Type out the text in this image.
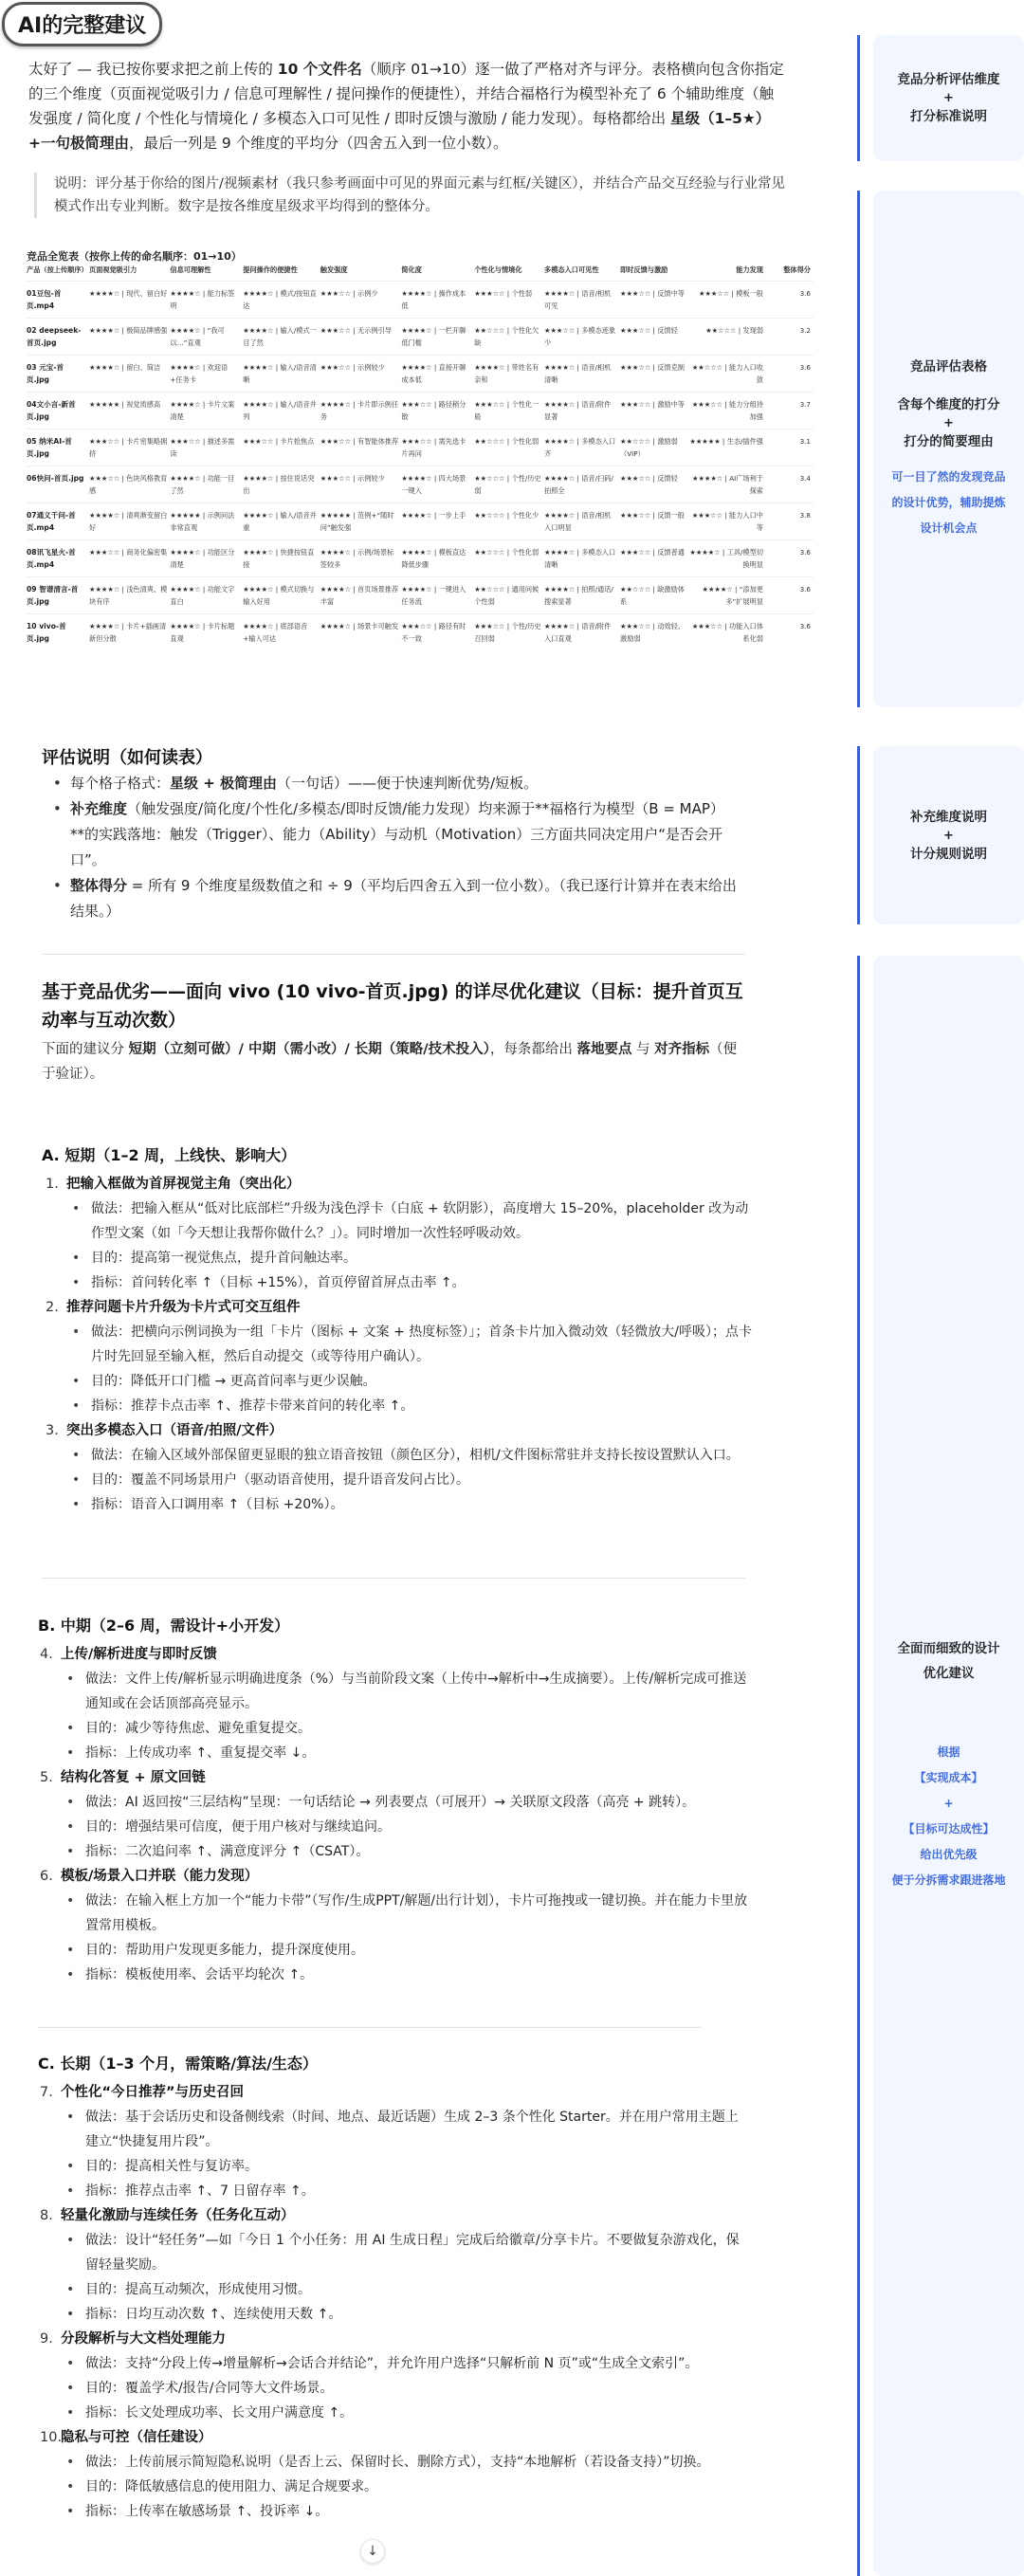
AI的完整建议

太好了 — 我已按你要求把之前上传的 10 个文件名（顺序 01→10）逐一做了严格对齐与评分。表格横向包含你指定的三个维度（页面视觉吸引力 / 信息可理解性 / 提问操作的便捷性），并结合福格行为模型补充了 6 个辅助维度（触发强度 / 简化度 / 个性化与情境化 / 多模态入口可见性 / 即时反馈与激励 / 能力发现）。每格都给出 星级（1–5★）+一句极简理由，最后一列是 9 个维度的平均分（四舍五入到一位小数）。

说明：评分基于你给的图片/视频素材（我只参考画面中可见的界面元素与红框/关键区），并结合产品交互经验与行业常见模式作出专业判断。数字是按各维度星级求平均得到的整体分。
竞品全览表（按你上传的命名顺序：01→10）
产品（按上传顺序）	页面视觉吸引力	信息可理解性	提问操作的便捷性	触发强度	简化度	个性化与情境化	多模态入口可见性	即时反馈与激励	能力发现	整体得分
01豆包-首页.mp4	★★★★☆ | 现代、留白好	★★★★☆ | 能力标签明	★★★★☆ | 模式/按钮直达	★★★☆☆ | 示例少	★★★★☆ | 操作成本低	★★★☆☆ | 个性弱	★★★★☆ | 语音/相机可见	★★★☆☆ | 反馈中等	★★★☆☆ | 模板一般	3.6
02 deepseek-首页.jpg	★★★★☆ | 极简品牌感强	★★★★☆ | “我可以…”直观	★★★★☆ | 输入/模式一目了然	★★★☆☆ | 无示例引导	★★★★☆ | 一栏开聊低门槛	★★☆☆☆ | 个性化欠缺	★★★☆☆ | 多模态迹象少	★★★☆☆ | 反馈轻	★★☆☆☆ | 发现弱	3.2
03 元宝-首页.jpg	★★★★☆ | 留白、简洁	★★★★☆ | 欢迎语+任务卡	★★★★☆ | 输入/语音清晰	★★★☆☆ | 示例较少	★★★★☆ | 直接开聊成本低	★★★★☆ | 带姓名有亲和	★★★★☆ | 语音/相机清晰	★★★☆☆ | 反馈克制	★★☆☆☆ | 能力入口收敛	3.6
04文小言-新首页.jpg	★★★★★ | 视觉质感高	★★★★☆ | 卡片文案清楚	★★★★☆ | 输入/语音并列	★★★★☆ | 卡片即示例任务	★★★☆☆ | 路径稍分散	★★★☆☆ | 个性化一般	★★★★☆ | 语音/附件显著	★★★☆☆ | 激励中等	★★★☆☆ | 能力分组待加强	3.7
05 纳米AI-首页.jpg	★★★☆☆ | 卡片密集略拥挤	★★★☆☆ | 描述多需读	★★★☆☆ | 卡片抢焦点	★★★☆☆ | 有智能体推荐	★★★☆☆ | 需先选卡片再问	★★☆☆☆ | 个性化弱	★★★★☆ | 多模态入口齐	★★☆☆☆ | 激励弱（VIP）	★★★★★ | 生态/插件强	3.1
06快问-首页.jpg	★★★☆☆ | 色块风格教育感	★★★★☆ | 功能一目了然	★★★★☆ | 按住说话突出	★★★☆☆ | 示例较少	★★★★☆ | 四大场景一键入	★★☆☆☆ | 个性/历史弱	★★★★☆ | 语音/扫码/拍照全	★★★☆☆ | 反馈轻	★★★★☆ | AI广场利于探索	3.4
07通义千问-首页.mp4	★★★★☆ | 清爽渐变留白好	★★★★★ | 示例问法非常直观	★★★★☆ | 输入/语音并重	★★★★★ | 范例+“随时问”触发强	★★★★☆ | 一步上手	★★☆☆☆ | 个性化少	★★★★☆ | 语音/相机入口明显	★★★☆☆ | 反馈一般	★★★☆☆ | 能力入口中等	3.8
08讯飞星火-首页.mp4	★★★☆☆ | 商务化偏密集	★★★★☆ | 功能区分清楚	★★★★☆ | 快捷按钮直接	★★★★☆ | 示例/场景标签较多	★★★★☆ | 模板直达降低步骤	★★☆☆☆ | 个性化弱	★★★★☆ | 多模态入口清晰	★★★☆☆ | 反馈普通	★★★★☆ | 工具/模型切换明显	3.6
09 智谱清言-首页.jpg	★★★★☆ | 浅色清爽、模块有序	★★★★☆ | 功能文字直白	★★★★☆ | 模式切换与输入好用	★★★★☆ | 首页场景推荐丰富	★★★★☆ | 一键进入任务流	★★☆☆☆ | 通用问候个性弱	★★★★☆ | 拍照/通话/搜索显著	★★☆☆☆ | 缺激励体系	★★★★☆ | “添加更多”扩展明显	3.6
10 vivo-首页.jpg	★★★★☆ | 卡片+插画清新但分散	★★★★☆ | 卡片标题直观	★★★★☆ | 底部语音+输入可达	★★★★☆ | 场景卡可触发	★★★☆☆ | 路径有时不一致	★★★☆☆ | 个性/历史召回弱	★★★★☆ | 语音/附件入口直观	★★★☆☆ | 动效轻、激励弱	★★★☆☆ | 功能入口体系化弱	3.6
评估说明（如何读表）
• 每个格子格式：星级 + 极简理由（一句话）——便于快速判断优势/短板。
• 补充维度（触发强度/简化度/个性化/多模态/即时反馈/能力发现）均来源于**福格行为模型（B = MAP）**的实践落地：触发（Trigger）、能力（Ability）与动机（Motivation）三方面共同决定用户“是否会开口”。
• 整体得分 = 所有 9 个维度星级数值之和 ÷ 9（平均后四舍五入到一位小数）。（我已逐行计算并在表末给出结果。）
基于竞品优劣——面向 vivo (10 vivo-首页.jpg) 的详尽优化建议（目标：提升首页互动率与互动次数）

下面的建议分 短期（立刻可做）/ 中期（需小改）/ 长期（策略/技术投入），每条都给出 落地要点 与 对齐指标（便于验证）。

A. 短期（1–2 周，上线快、影响大）
1. 把输入框做为首屏视觉主角（突出化）
• 做法：把输入框从“低对比底部栏”升级为浅色浮卡（白底 + 软阴影），高度增大 15–20%，placeholder 改为动作型文案（如「今天想让我帮你做什么？」）。同时增加一次性轻呼吸动效。
• 目的：提高第一视觉焦点，提升首问触达率。
• 指标：首问转化率 ↑（目标 +15%），首页停留首屏点击率 ↑。
2. 推荐问题卡片升级为卡片式可交互组件
• 做法：把横向示例词换为一组「卡片（图标 + 文案 + 热度标签）」；首条卡片加入微动效（轻微放大/呼吸）；点卡片时先回显至输入框，然后自动提交（或等待用户确认）。
• 目的：降低开口门槛 → 更高首问率与更少误触。
• 指标：推荐卡点击率 ↑、推荐卡带来首问的转化率 ↑。
3. 突出多模态入口（语音/拍照/文件）
• 做法：在输入区域外部保留更显眼的独立语音按钮（颜色区分），相机/文件图标常驻并支持长按设置默认入口。
• 目的：覆盖不同场景用户（驱动语音使用，提升语音发问占比）。
• 指标：语音入口调用率 ↑（目标 +20%）。
B. 中期（2–6 周，需设计+小开发）
4. 上传/解析进度与即时反馈
• 做法：文件上传/解析显示明确进度条（%）与当前阶段文案（上传中→解析中→生成摘要）。上传/解析完成可推送通知或在会话顶部高亮显示。
• 目的：减少等待焦虑、避免重复提交。
• 指标：上传成功率 ↑、重复提交率 ↓。
5. 结构化答复 + 原文回链
• 做法：AI 返回按“三层结构”呈现：一句话结论 → 列表要点（可展开）→ 关联原文段落（高亮 + 跳转）。
• 目的：增强结果可信度，便于用户核对与继续追问。
• 指标：二次追问率 ↑、满意度评分 ↑（CSAT）。
6. 模板/场景入口并联（能力发现）
• 做法：在输入框上方加一个“能力卡带”（写作/生成PPT/解题/出行计划），卡片可拖拽或一键切换。并在能力卡里放置常用模板。
• 目的：帮助用户发现更多能力，提升深度使用。
• 指标：模板使用率、会话平均轮次 ↑。
C. 长期（1–3 个月，需策略/算法/生态）
7. 个性化“今日推荐”与历史召回
• 做法：基于会话历史和设备侧线索（时间、地点、最近话题）生成 2–3 条个性化 Starter。并在用户常用主题上建立“快捷复用片段”。
• 目的：提高相关性与复访率。
• 指标：推荐点击率 ↑、7 日留存率 ↑。
8. 轻量化激励与连续任务（任务化互动）
• 做法：设计“轻任务”—如「今日 1 个小任务：用 AI 生成日程」完成后给徽章/分享卡片。不要做复杂游戏化，保留轻量奖励。
• 目的：提高互动频次，形成使用习惯。
• 指标：日均互动次数 ↑、连续使用天数 ↑。
9. 分段解析与大文档处理能力
• 做法：支持“分段上传→增量解析→会话合并结论”，并允许用户选择“只解析前 N 页”或“生成全文索引”。
• 目的：覆盖学术/报告/合同等大文件场景。
• 指标：长文处理成功率、长文用户满意度 ↑。
10.隐私与可控（信任建设）
• 做法：上传前展示简短隐私说明（是否上云、保留时长、删除方式），支持“本地解析（若设备支持）”切换。
• 目的：降低敏感信息的使用阻力、满足合规要求。
• 指标：上传率在敏感场景 ↑、投诉率 ↓。
↓
竞品分析评估维度
+
打分标准说明
竞品评估表格
含每个维度的打分
+
打分的简要理由
可一目了然的发现竞品
的设计优势，辅助提炼
设计机会点
补充维度说明
+
计分规则说明
全面而细致的设计
优化建议
根据
【实现成本】
+
【目标可达成性】
给出优先级
便于分拆需求跟进落地
